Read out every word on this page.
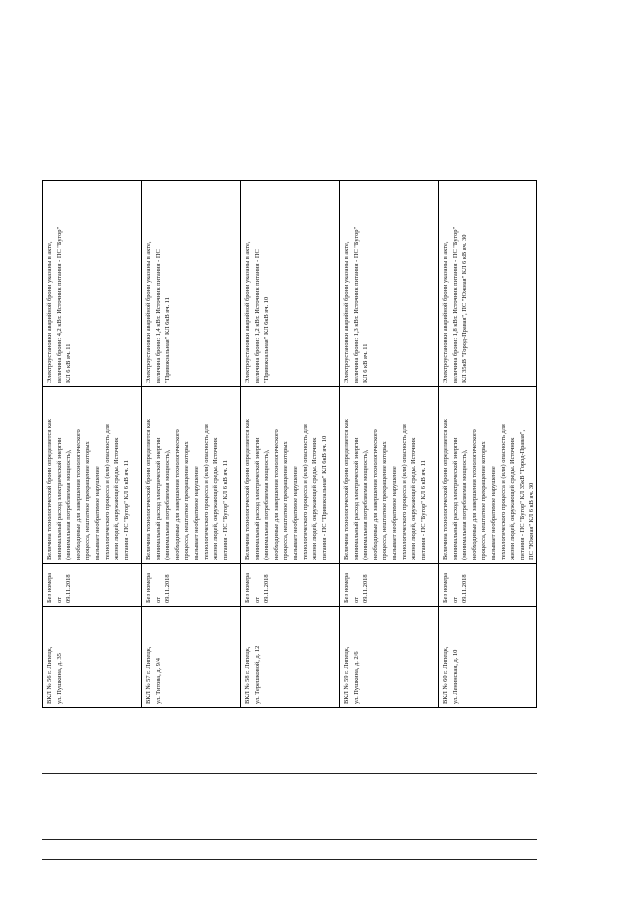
ВКЛ № 56 г. Липецк,
ул. Пушкина, д. 35
Без номера от
09.11.2018
Величина технологической брони определяется как
минимальный расход электрической энергии
(минимальная потребляемая мощность),
необходимые для завершения технологического
процесса, нештатное прекращение которых
вызывает необратимое нарушение
технологического процесса и (или) опасность для
жизни людей, окружающей среды. Источник
питания - ПС "Бугор" КЛ 6 кВ яч. 11
Электроустановки аварийной брони указаны в акте,
величина брони: 4,2 кВт. Источник питания - ПС "Бугор"
КЛ 6 кВ яч. 11
ВКЛ № 57 г. Липецк,
ул. Титова, д. 9/4
Без номера от
09.11.2018
Величина технологической брони определяется как
минимальный расход электрической энергии
(минимальная потребляемая мощность),
необходимые для завершения технологического
процесса, нештатное прекращение которых
вызывает необратимое нарушение
технологического процесса и (или) опасность для
жизни людей, окружающей среды. Источник
питания - ПС "Бугор" КЛ 6 кВ яч. 11
Электроустановки аварийной брони указаны в акте,
величина брони: 1,4 кВт. Источник питания - ПС
"Привокзальная" КЛ 6кВ яч. 11
ВКЛ № 58 г. Липецк,
ул. Терешковой, д. 12
Без номера от
09.11.2018
Величина технологической брони определяется как
минимальный расход электрической энергии
(минимальная потребляемая мощность),
необходимые для завершения технологического
процесса, нештатное прекращение которых
вызывает необратимое нарушение
технологического процесса и (или) опасность для
жизни людей, окружающей среды. Источник
питания - ПС "Привокзальная" КЛ 6кВ яч. 10
Электроустановки аварийной брони указаны в акте,
величина брони: 1,2 кВт. Источник питания - ПС
"Привокзальная" КЛ 6кВ яч. 10
ВКЛ № 59 г. Липецк,
ул. Пушкина, д. 2/6
Без номера от
09.11.2018
Величина технологической брони определяется как
минимальный расход электрической энергии
(минимальная потребляемая мощность),
необходимые для завершения технологического
процесса, нештатное прекращение которых
вызывает необратимое нарушение
технологического процесса и (или) опасность для
жизни людей, окружающей среды. Источник
питания - ПС "Бугор" КЛ 6 кВ яч. 11
Электроустановки аварийной брони указаны в акте,
величина брони: 1,3 кВт. Источник питания - ПС "Бугор"
КЛ 6 кВ яч. 11
ВКЛ № 60 г. Липецк,
ул. Ленинская, д. 10
Без номера от
09.11.2018
Величина технологической брони определяется как
минимальный расход электрической энергии
(минимальная потребляемая мощность),
необходимые для завершения технологического
процесса, нештатное прекращение которых
вызывает необратимое нарушение
технологического процесса и (или) опасность для
жизни людей, окружающей среды. Источник
питания - ПС "Бугор" КЛ 35кВ "Город-Правая",
ПС "Южная" КЛ 6 кВ яч. 30
Электроустановки аварийной брони указаны в акте,
величина брони: 1,8 кВт. Источник питания - ПС "Бугор"
КЛ 35кВ "Город-Правая", ПС "Южная" КЛ 6 кВ яч. 30
